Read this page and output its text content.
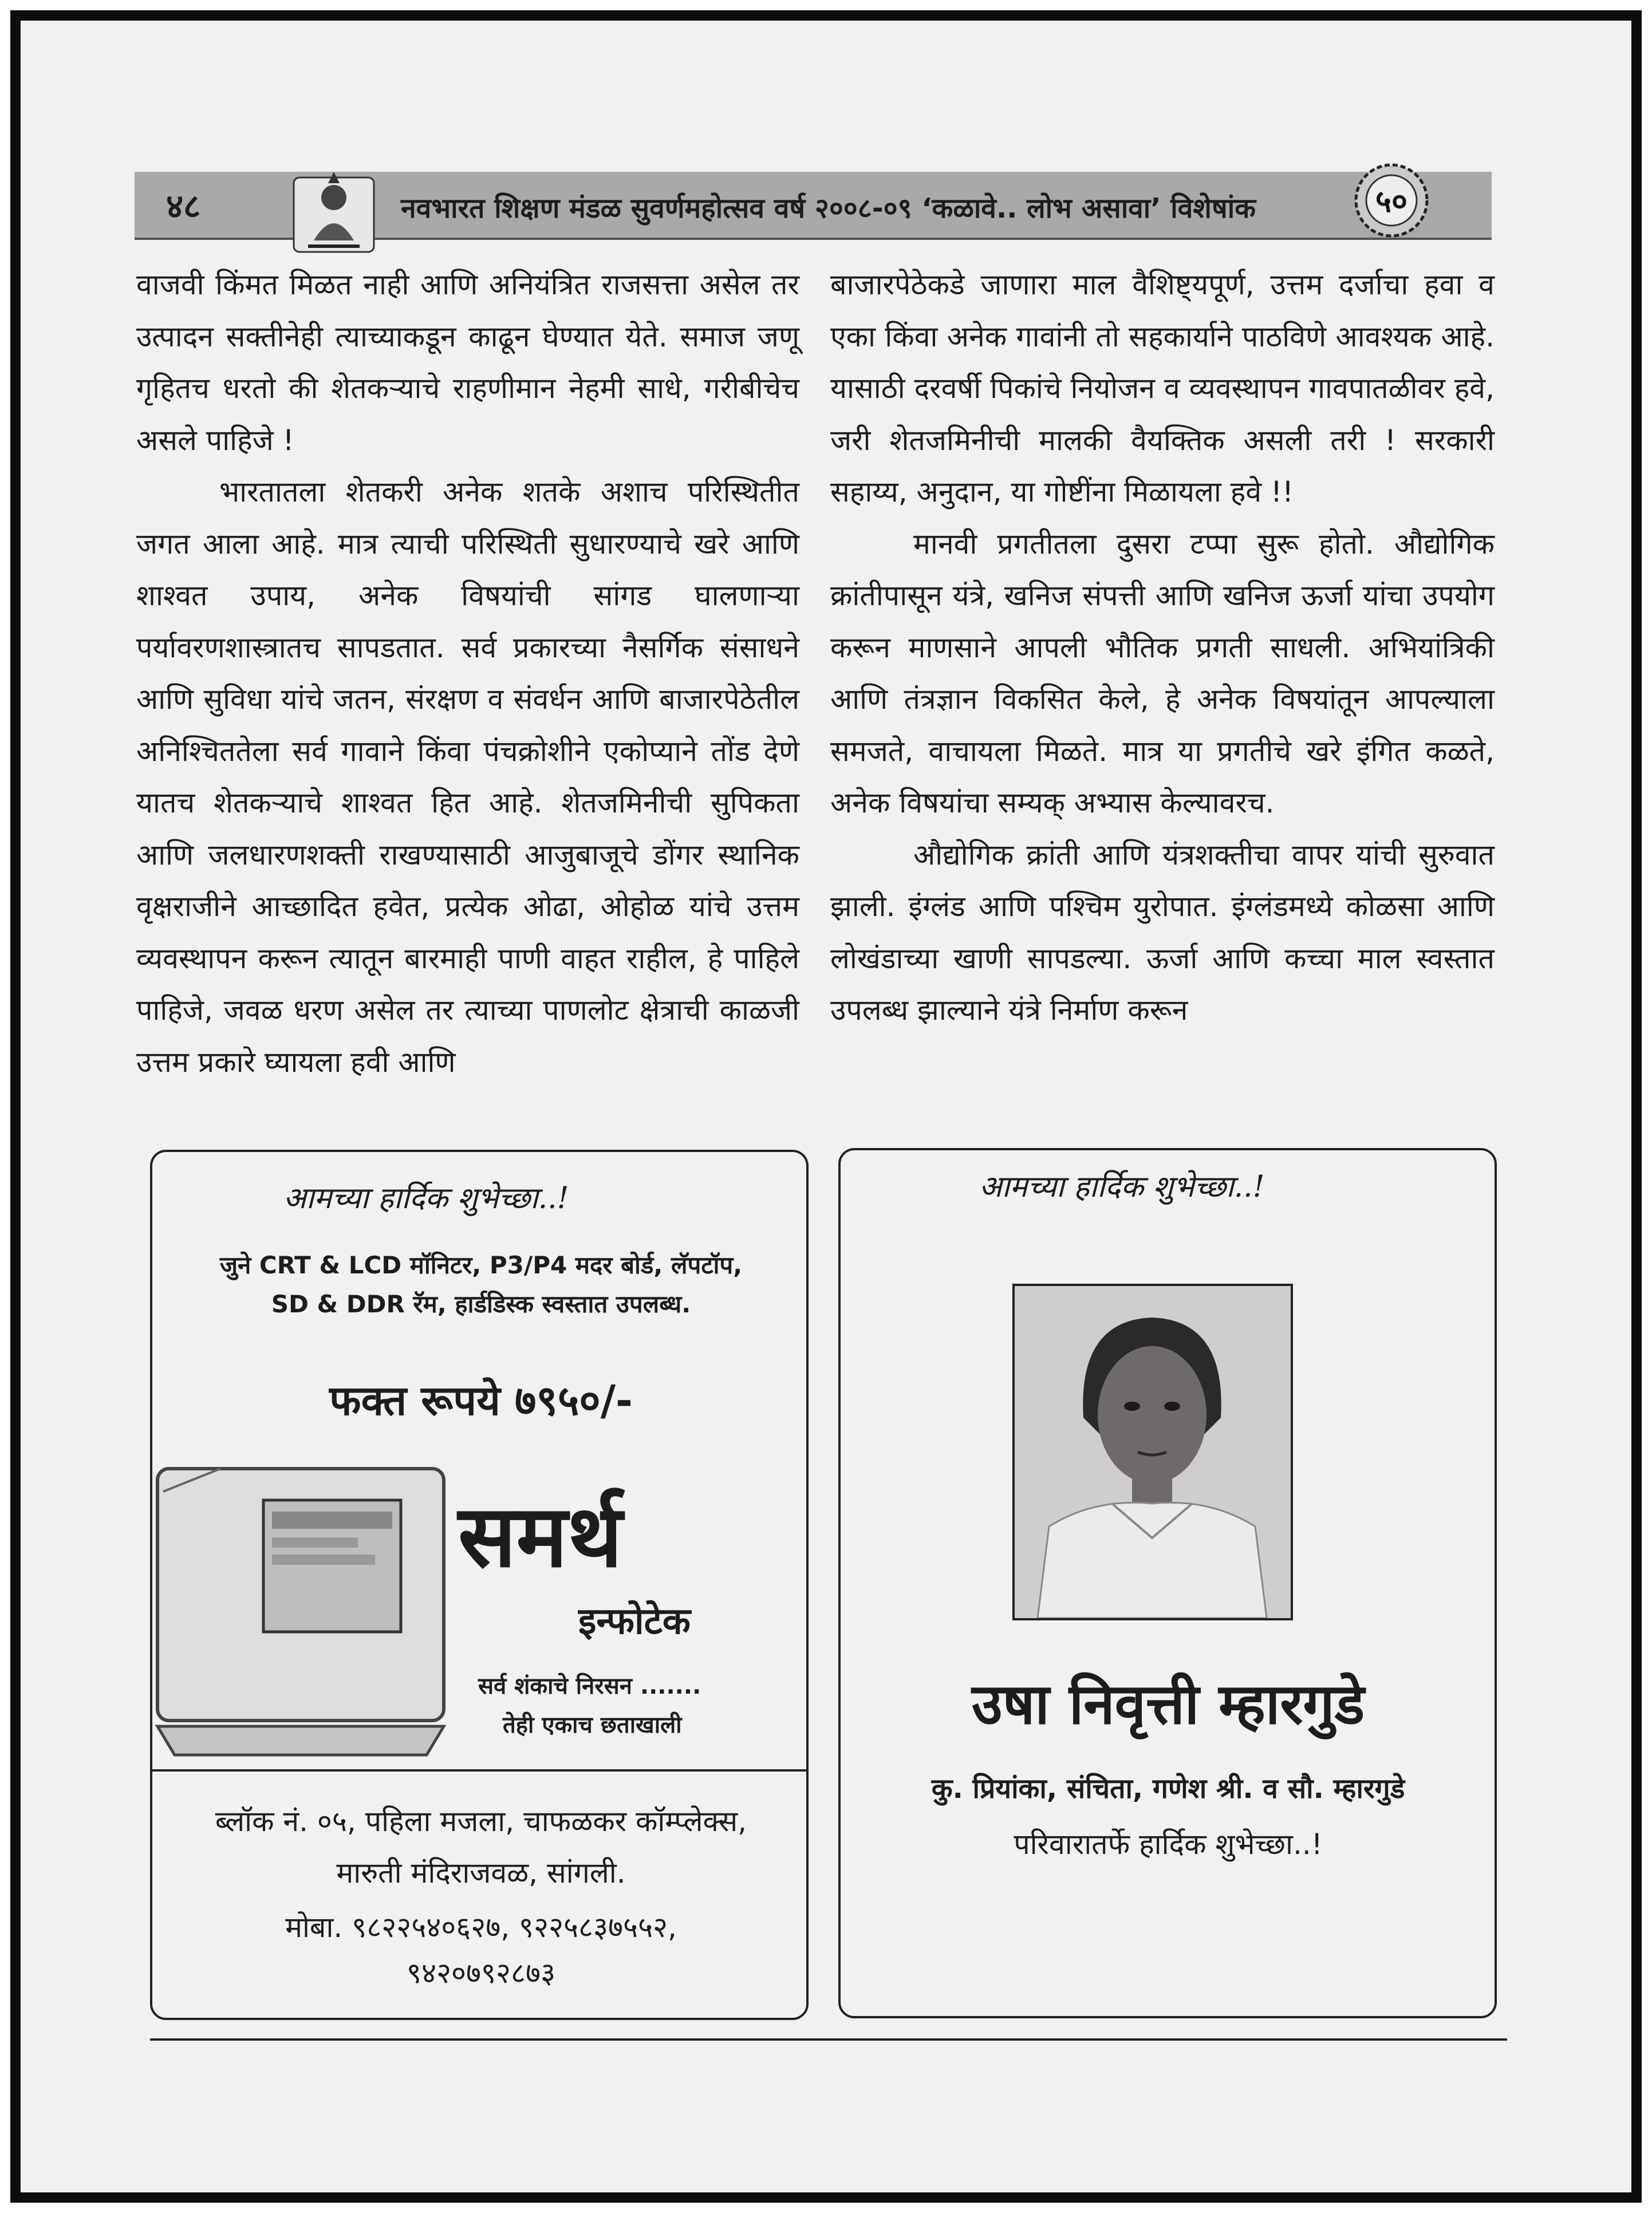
४८	नवभारत शिक्षण मंडळ सुवर्णमहोत्सव वर्ष २००८-०९ ‘कळावे.. लोभ असावा’ विशेषांक	५०

वाजवी किंमत मिळत नाही आणि अनियंत्रित राजसत्ता असेल तर उत्पादन सक्तीनेही त्याच्याकडून काढून घेण्यात येते. समाज जणू गृहितच धरतो की शेतकऱ्याचे राहणीमान नेहमी साधे, गरीबीचेच असले पाहिजे !

भारतातला शेतकरी अनेक शतके अशाच परिस्थितीत जगत आला आहे. मात्र त्याची परिस्थिती सुधारण्याचे खरे आणि शाश्वत उपाय, अनेक विषयांची सांगड घालणाऱ्या पर्यावरणशास्त्रातच सापडतात. सर्व प्रकारच्या नैसर्गिक संसाधने आणि सुविधा यांचे जतन, संरक्षण व संवर्धन आणि बाजारपेठेतील अनिश्चिततेला सर्व गावाने किंवा पंचक्रोशीने एकोप्याने तोंड देणे यातच शेतकऱ्याचे शाश्वत हित आहे. शेतजमिनीची सुपिकता आणि जलधारणशक्ती राखण्यासाठी आजुबाजूचे डोंगर स्थानिक वृक्षराजीने आच्छादित हवेत, प्रत्येक ओढा, ओहोळ यांचे उत्तम व्यवस्थापन करून त्यातून बारमाही पाणी वाहत राहील, हे पाहिले पाहिजे, जवळ धरण असेल तर त्याच्या पाणलोट क्षेत्राची काळजी उत्तम प्रकारे घ्यायला हवी आणि

बाजारपेठेकडे जाणारा माल वैशिष्ट्यपूर्ण, उत्तम दर्जाचा हवा व एका किंवा अनेक गावांनी तो सहकार्याने पाठविणे आवश्यक आहे. यासाठी दरवर्षी पिकांचे नियोजन व व्यवस्थापन गावपातळीवर हवे, जरी शेतजमिनीची मालकी वैयक्तिक असली तरी ! सरकारी सहाय्य, अनुदान, या गोष्टींना मिळायला हवे !!

मानवी प्रगतीतला दुसरा टप्पा सुरू होतो. औद्योगिक क्रांतीपासून यंत्रे, खनिज संपत्ती आणि खनिज ऊर्जा यांचा उपयोग करून माणसाने आपली भौतिक प्रगती साधली. अभियांत्रिकी आणि तंत्रज्ञान विकसित केले, हे अनेक विषयांतून आपल्याला समजते, वाचायला मिळते. मात्र या प्रगतीचे खरे इंगित कळते, अनेक विषयांचा सम्यक् अभ्यास केल्यावरच.

औद्योगिक क्रांती आणि यंत्रशक्तीचा वापर यांची सुरुवात झाली. इंग्लंड आणि पश्चिम युरोपात. इंग्लंडमध्ये कोळसा आणि लोखंडाच्या खाणी सापडल्या. ऊर्जा आणि कच्चा माल स्वस्तात उपलब्ध झाल्याने यंत्रे निर्माण करून

आमच्या हार्दिक शुभेच्छा..!
जुने CRT & LCD मॉनिटर, P3/P4 मदर बोर्ड, लॅपटॉप,
SD & DDR रॅम, हार्डडिस्क स्वस्तात उपलब्ध.
फक्त रूपये ७९५०/-
समर्थ
इन्फोटेक
सर्व शंकाचे निरसन .......
तेही एकाच छताखाली
ब्लॉक नं. ०५, पहिला मजला, चाफळकर कॉम्प्लेक्स,
मारुती मंदिराजवळ, सांगली.
मोबा. ९८२२५४०६२७, ९२२५८३७५५२,
९४२०७९२८७३
आमच्या हार्दिक शुभेच्छा..!
उषा निवृत्ती म्हारगुडे
कु. प्रियांका, संचिता, गणेश श्री. व सौ. म्हारगुडे
परिवारातर्फे हार्दिक शुभेच्छा..!
